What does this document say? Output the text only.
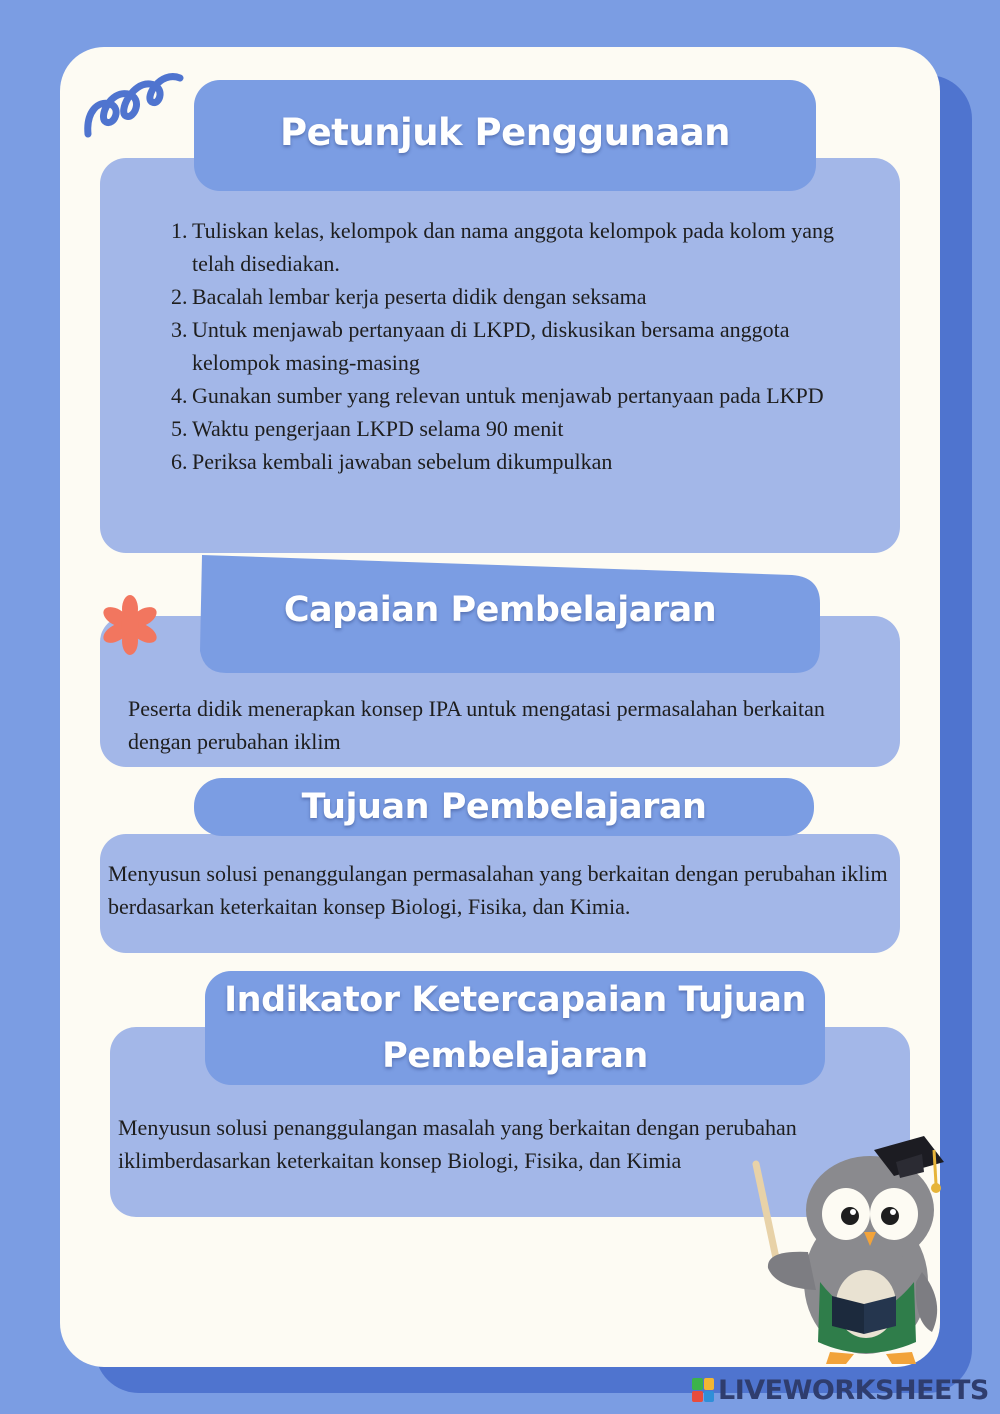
Petunjuk Penggunaan
1. Tuliskan kelas, kelompok dan nama anggota kelompok pada kolom yang telah disediakan.
2. Bacalah lembar kerja peserta didik dengan seksama
3. Untuk menjawab pertanyaan di LKPD, diskusikan bersama anggota kelompok masing-masing
4. Gunakan sumber yang relevan untuk menjawab pertanyaan pada LKPD
5. Waktu pengerjaan LKPD selama 90 menit
6. Periksa kembali jawaban sebelum dikumpulkan
Capaian Pembelajaran
Peserta didik menerapkan konsep IPA untuk mengatasi permasalahan berkaitan dengan perubahan iklim
Tujuan Pembelajaran
Menyusun solusi penanggulangan permasalahan yang berkaitan dengan perubahan iklim berdasarkan keterkaitan konsep Biologi, Fisika, dan Kimia.
Indikator Ketercapaian Tujuan
Pembelajaran
Menyusun solusi penanggulangan masalah yang berkaitan dengan perubahan iklimberdasarkan keterkaitan konsep Biologi, Fisika, dan Kimia
LIVEWORKSHEETS
